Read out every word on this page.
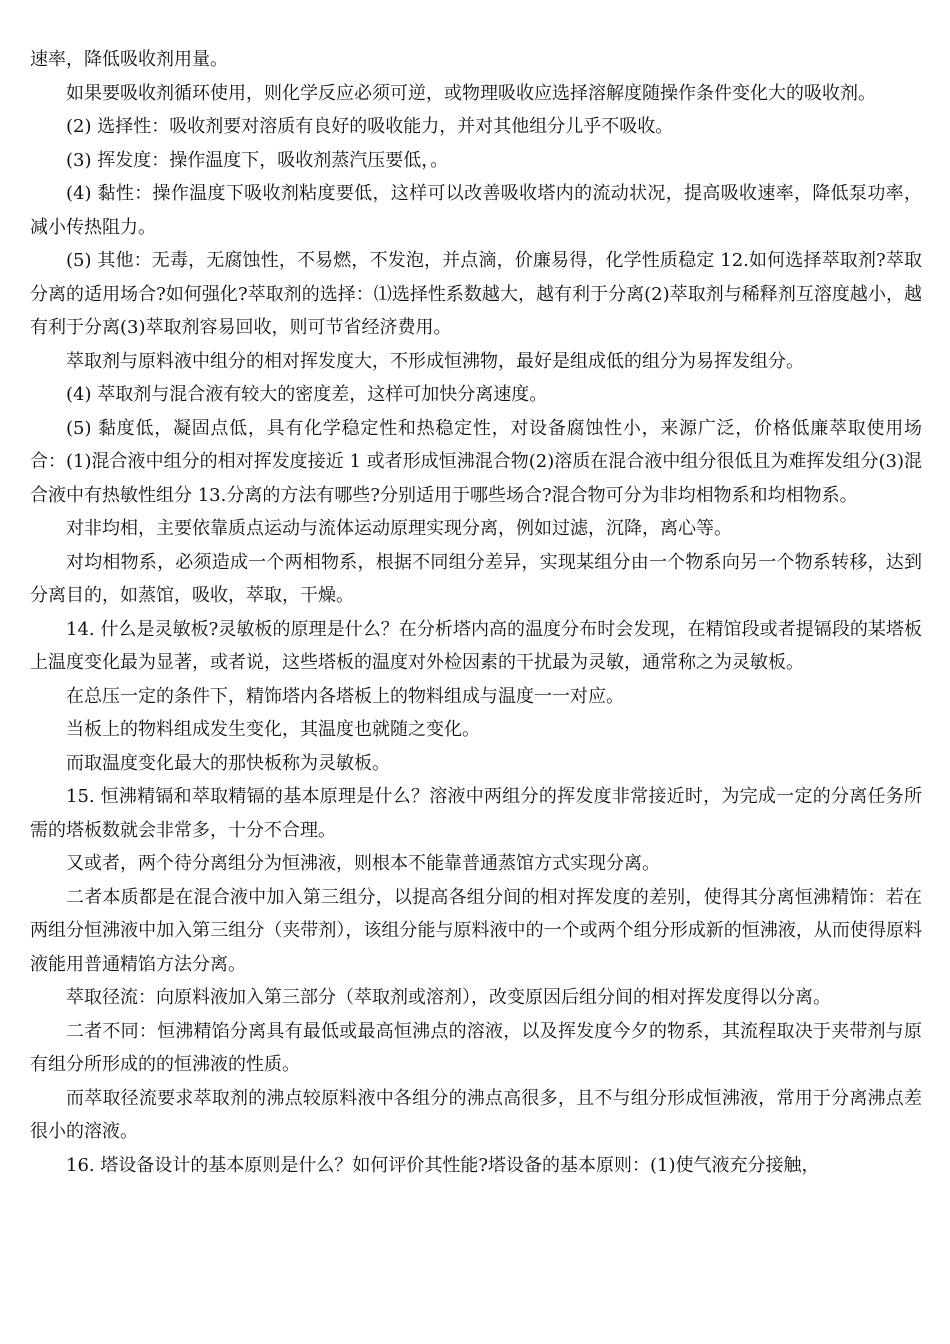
速率，降低吸收剂用量。

如果要吸收剂循环使用，则化学反应必须可逆，或物理吸收应选择溶解度随操作条件变化大的吸收剂。

(2) 选择性：吸收剂要对溶质有良好的吸收能力，并对其他组分儿乎不吸收。

(3) 挥发度：操作温度下，吸收剂蒸汽压要低，。

(4) 黏性：操作温度下吸收剂粘度要低，这样可以改善吸收塔内的流动状况，提高吸收速率，降低泵功率，减小传热阻力。

(5) 其他：无毒，无腐蚀性，不易燃，不发泡，并点滴，价廉易得，化学性质稳定 12.如何选择萃取剂?萃取分离的适用场合?如何强化?萃取剂的选择：⑴选择性系数越大，越有利于分离(2)萃取剂与稀释剂互溶度越小，越有利于分离(3)萃取剂容易回收，则可节省经济费用。

萃取剂与原料液中组分的相对挥发度大，不形成恒沸物，最好是组成低的组分为易挥发组分。

(4) 萃取剂与混合液有较大的密度差，这样可加快分离速度。

(5) 黏度低，凝固点低，具有化学稳定性和热稳定性，对设备腐蚀性小，来源广泛，价格低廉萃取使用场合：(1)混合液中组分的相对挥发度接近 1 或者形成恒沸混合物(2)溶质在混合液中组分很低且为难挥发组分(3)混合液中有热敏性组分 13.分离的方法有哪些?分别适用于哪些场合?混合物可分为非均相物系和均相物系。

对非均相，主要依靠质点运动与流体运动原理实现分离，例如过滤，沉降，离心等。

对均相物系，必须造成一个两相物系，根据不同组分差异，实现某组分由一个物系向另一个物系转移，达到分离目的，如蒸馆，吸收，萃取，干燥。

14. 什么是灵敏板?灵敏板的原理是什么？在分析塔内高的温度分布时会发现，在精馆段或者提镉段的某塔板上温度变化最为显著，或者说，这些塔板的温度对外检因素的干扰最为灵敏，通常称之为灵敏板。

在总压一定的条件下，精饰塔内各塔板上的物料组成与温度一一对应。

当板上的物料组成发生变化，其温度也就随之变化。

而取温度变化最大的那快板称为灵敏板。

15. 恒沸精镉和萃取精镉的基本原理是什么？溶液中两组分的挥发度非常接近时，为完成一定的分离任务所需的塔板数就会非常多，十分不合理。

又或者，两个待分离组分为恒沸液，则根本不能靠普通蒸馆方式实现分离。

二者本质都是在混合液中加入第三组分，以提高各组分间的相对挥发度的差别，使得其分离恒沸精饰：若在两组分恒沸液中加入第三组分（夹带剂），该组分能与原料液中的一个或两个组分形成新的恒沸液，从而使得原料液能用普通精馅方法分离。

萃取径流：向原料液加入第三部分（萃取剂或溶剂），改变原因后组分间的相对挥发度得以分离。

二者不同：恒沸精馅分离具有最低或最高恒沸点的溶液，以及挥发度今夕的物系，其流程取决于夹带剂与原有组分所形成的的恒沸液的性质。

而萃取径流要求萃取剂的沸点较原料液中各组分的沸点高很多，且不与组分形成恒沸液，常用于分离沸点差很小的溶液。

16. 塔设备设计的基本原则是什么？如何评价其性能?塔设备的基本原则：(1)使气液充分接触，
